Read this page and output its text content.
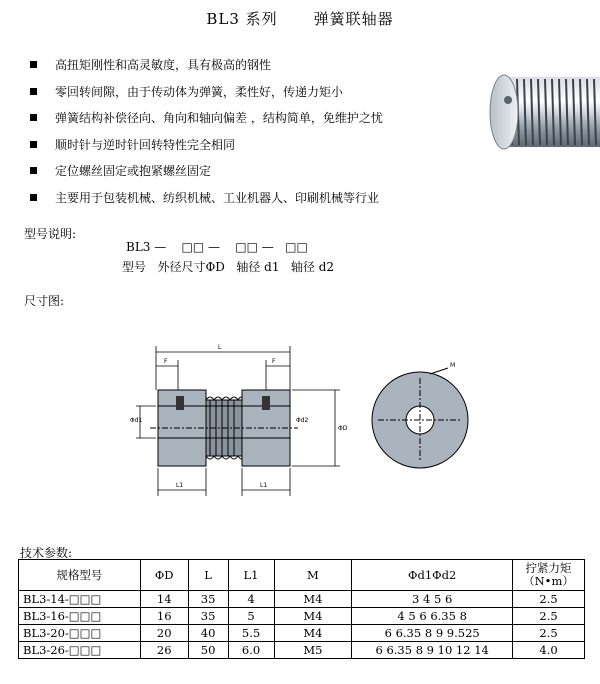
BL3 系列 弹簧联轴器
高扭矩刚性和高灵敏度，具有极高的钢性
零回转间隙，由于传动体为弹簧，柔性好，传递力矩小
弹簧结构补偿径向、角向和轴向偏差 ，结构简单，免维护之忧
顺时针与逆时针回转特性完全相同
定位螺丝固定或抱紧螺丝固定
主要用于包装机械、纺织机械、工业机器人、印刷机械等行业
型号说明:
BL3 —    □□ —    □□ —   □□
型号   外径尺寸ΦD   轴径 d1   轴径 d2
尺寸图:
L
F	F
L1	L1
ΦD
Φd1	Φd2
M
技术参数:
规格型号	ΦD	L	L1	M	Φd1Φd2	拧紧力矩
（N•m）
BL3-14-□□□	14	35	4	M4	3 4 5 6	2.5
BL3-16-□□□	16	35	5	M4	4 5 6 6.35 8	2.5
BL3-20-□□□	20	40	5.5	M4	6 6.35 8 9 9.525	2.5
BL3-26-□□□	26	50	6.0	M5	6 6.35 8 9 10 12 14	4.0
